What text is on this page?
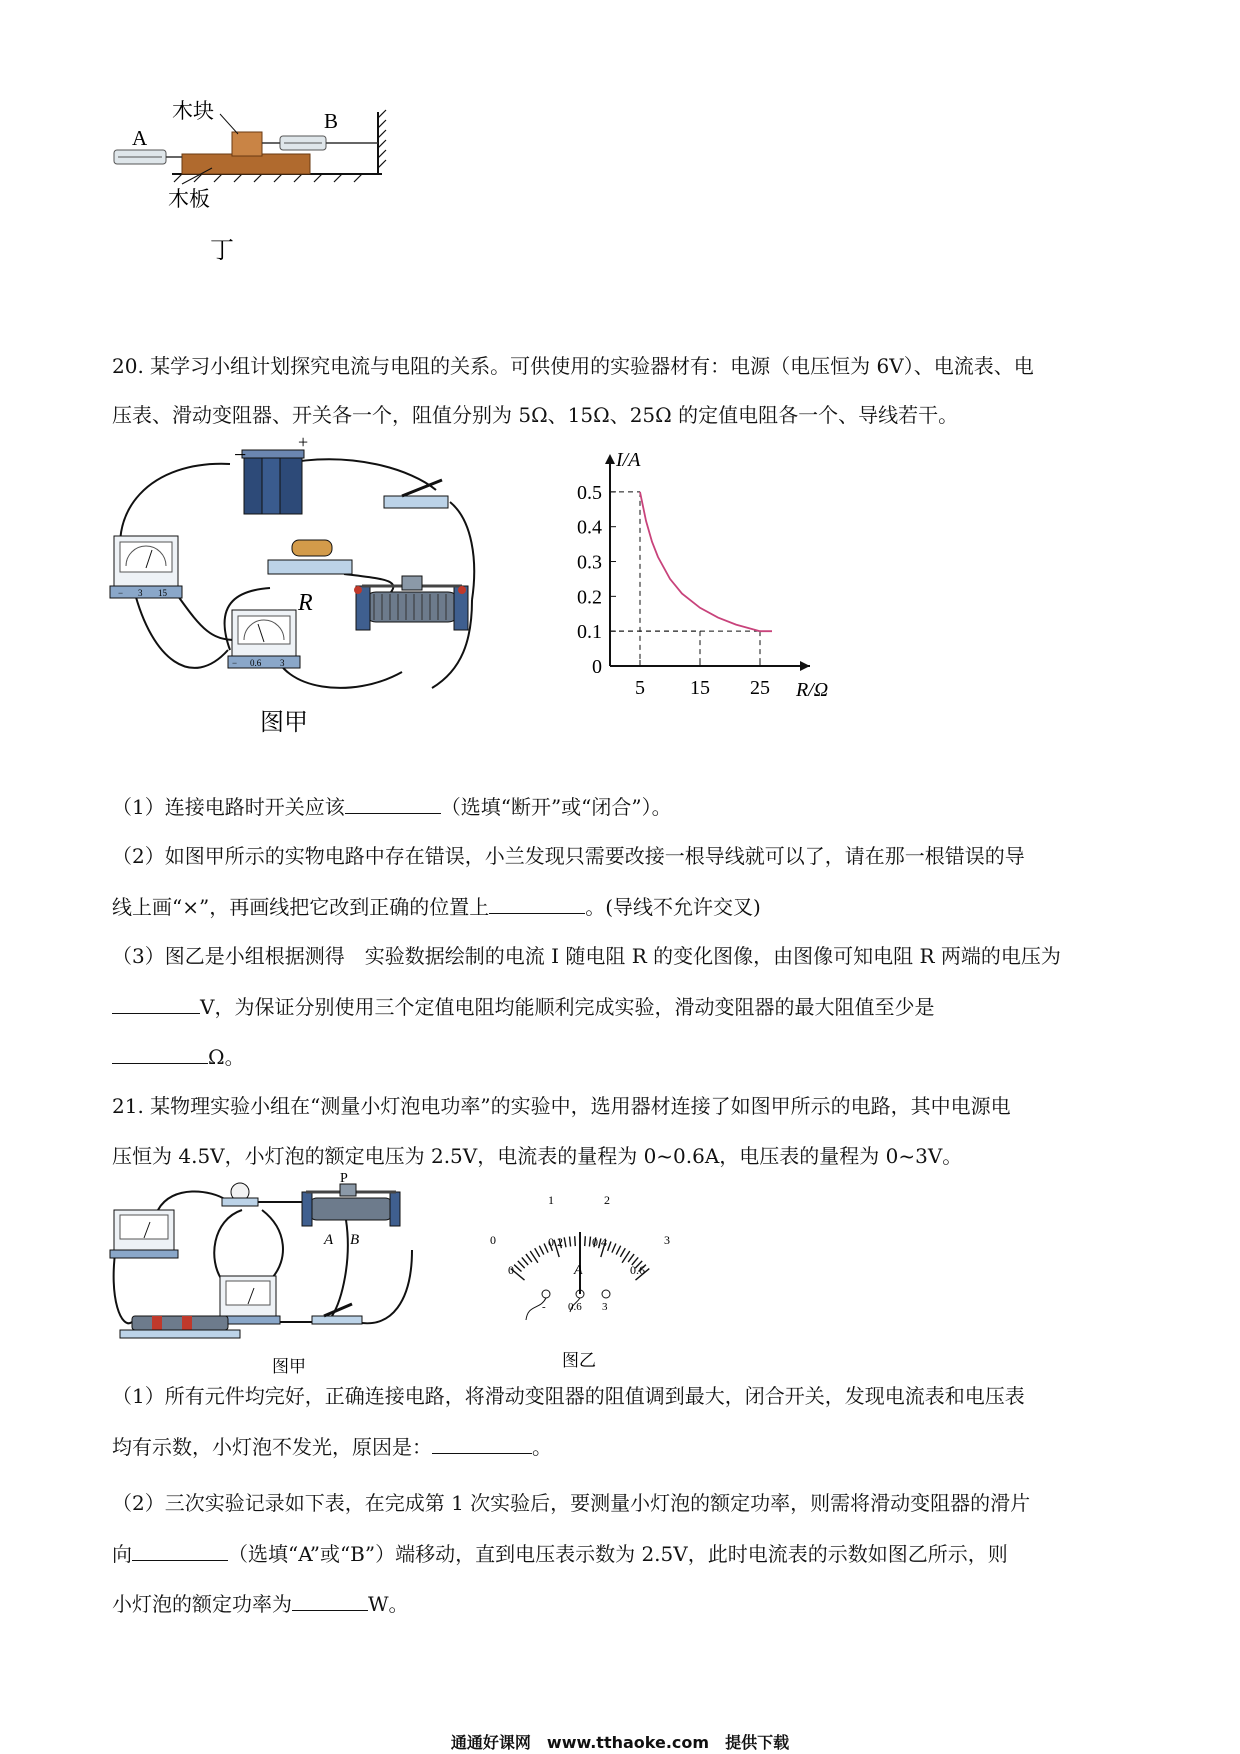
木块
A
B
木板
丁
20. 某学习小组计划探究电流与电阻的关系。可供使用的实验器材有：电源（电压恒为 6V）、电流表、电
压表、滑动变阻器、开关各一个，阻值分别为 5Ω、15Ω、25Ω 的定值电阻各一个、导线若干。
−	+
− 3 15	R
− 0.6 3
图甲
I/A
R/Ω
0
0.1
0.2
0.3
0.4
0.5
5 15 25
（1）连接电路时开关应该	（选填“断开”或“闭合”）。
（2）如图甲所示的实物电路中存在错误，小兰发现只需要改接一根导线就可以了，请在那一根错误的导
线上画“×”，再画线把它改到正确的位置上	。(导线不允许交叉)
（3）图乙是小组根据测得　实验数据绘制的电流 I 随电阻 R 的变化图像，由图像可知电阻 R 两端的电压为
V，为保证分别使用三个定值电阻均能顺利完成实验，滑动变阻器的最大阻值至少是
Ω。
21. 某物理实验小组在“测量小灯泡电功率”的实验中，选用器材连接了如图甲所示的电路，其中电源电
压恒为 4.5V，小灯泡的额定电压为 2.5V，电流表的量程为 0~0.6A，电压表的量程为 0~3V。
P
A B
图甲
0
1	2
3
0
0.2 0.4
0.6
A
- 0.6 3
图乙
（1）所有元件均完好，正确连接电路，将滑动变阻器的阻值调到最大，闭合开关，发现电流表和电压表
均有示数，小灯泡不发光，原因是：	。
（2）三次实验记录如下表，在完成第 1 次实验后，要测量小灯泡的额定功率，则需将滑动变阻器的滑片
向	（选填“A”或“B”）端移动，直到电压表示数为 2.5V，此时电流表的示数如图乙所示，则
小灯泡的额定功率为	W。
通通好课网　www.tthaoke.com　提供下载
